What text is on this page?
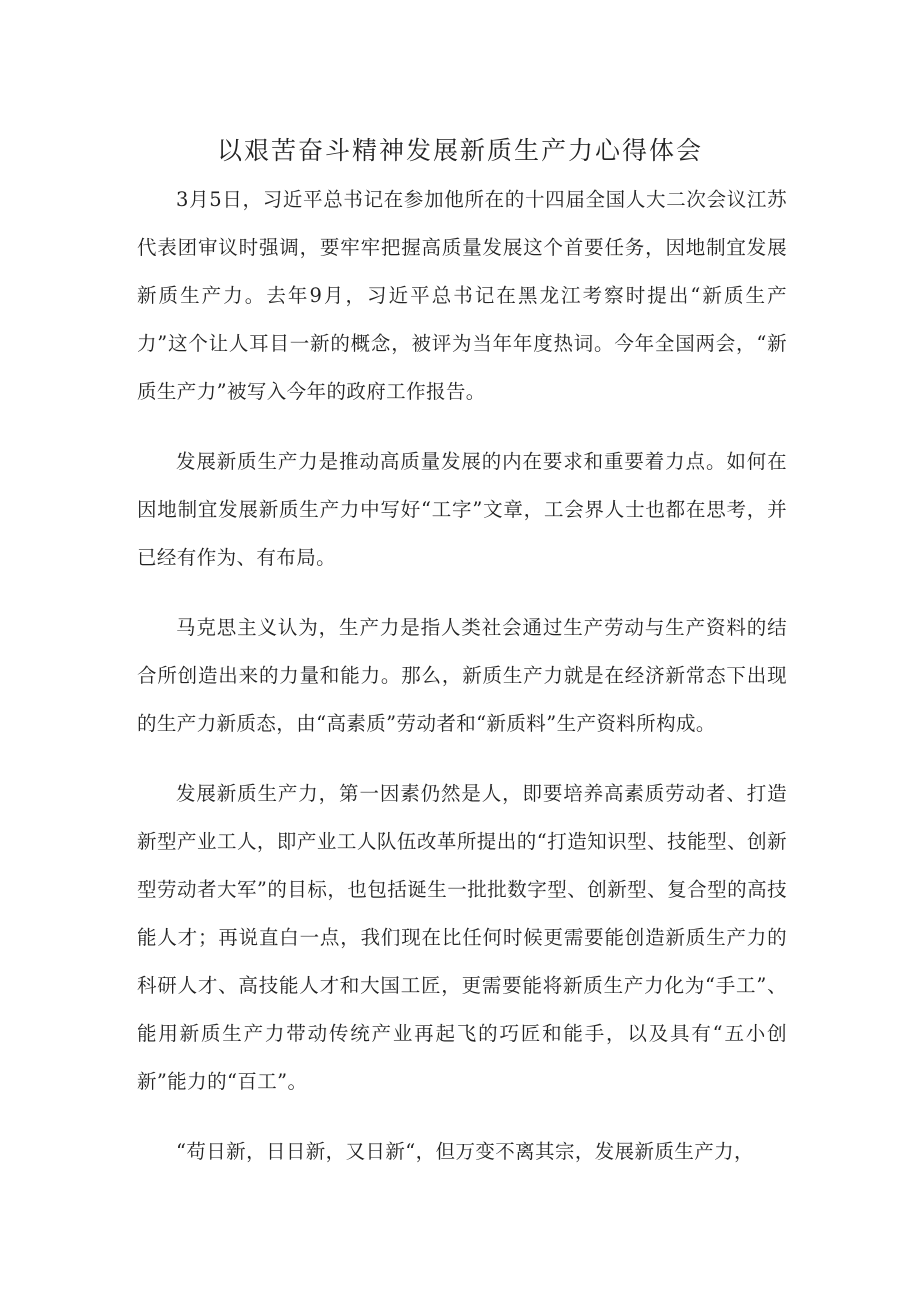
以艰苦奋斗精神发展新质生产力心得体会

3月5日，习近平总书记在参加他所在的十四届全国人大二次会议江苏代表团审议时强调，要牢牢把握高质量发展这个首要任务，因地制宜发展新质生产力。去年9月，习近平总书记在黑龙江考察时提出“新质生产力”这个让人耳目一新的概念，被评为当年年度热词。今年全国两会，“新质生产力”被写入今年的政府工作报告。

发展新质生产力是推动高质量发展的内在要求和重要着力点。如何在因地制宜发展新质生产力中写好“工字”文章，工会界人士也都在思考，并已经有作为、有布局。

马克思主义认为，生产力是指人类社会通过生产劳动与生产资料的结合所创造出来的力量和能力。那么，新质生产力就是在经济新常态下出现的生产力新质态，由“高素质”劳动者和“新质料”生产资料所构成。

发展新质生产力，第一因素仍然是人，即要培养高素质劳动者、打造新型产业工人，即产业工人队伍改革所提出的“打造知识型、技能型、创新型劳动者大军”的目标，也包括诞生一批批数字型、创新型、复合型的高技能人才；再说直白一点，我们现在比任何时候更需要能创造新质生产力的科研人才、高技能人才和大国工匠，更需要能将新质生产力化为“手工”、能用新质生产力带动传统产业再起飞的巧匠和能手，以及具有“五小创新”能力的“百工”。

“苟日新，日日新，又日新“，但万变不离其宗，发展新质生产力，
